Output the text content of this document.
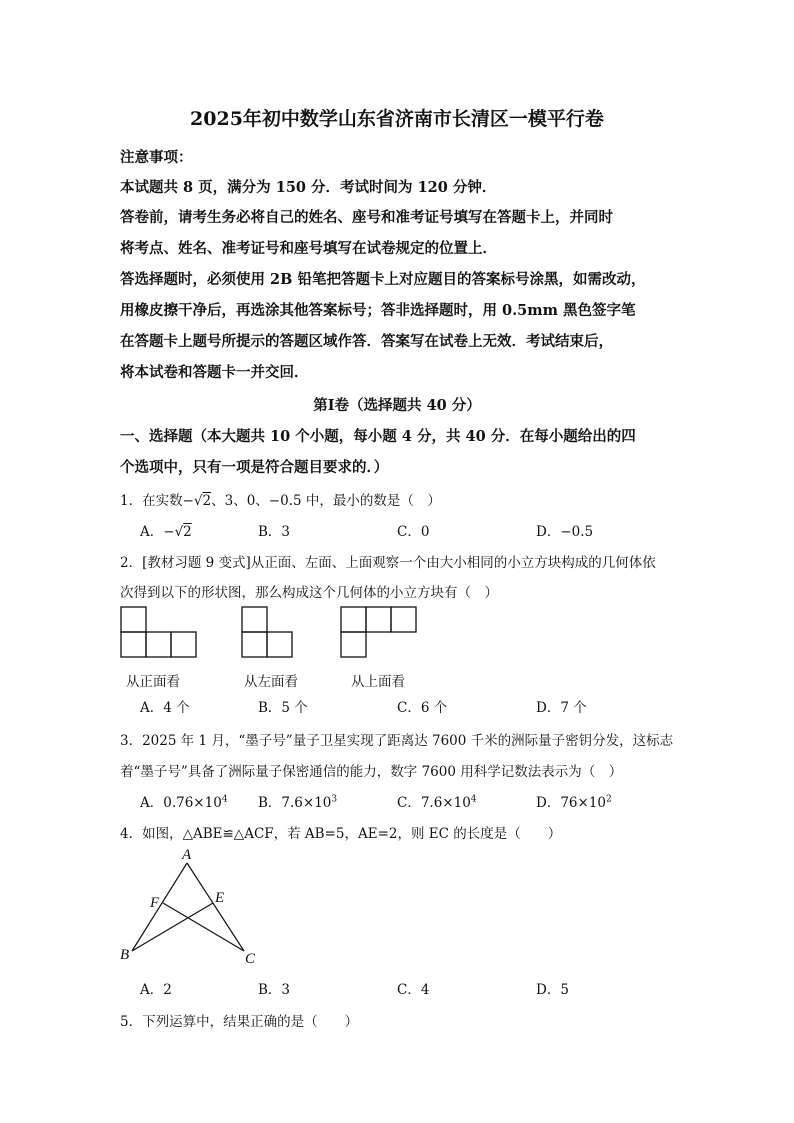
2025年初中数学山东省济南市长清区一模平行卷
注意事项：
本试题共 8 页，满分为 150 分．考试时间为 120 分钟．
答卷前，请考生务必将自己的姓名、座号和准考证号填写在答题卡上，并同时
将考点、姓名、准考证号和座号填写在试卷规定的位置上．
答选择题时，必须使用 2B 铅笔把答题卡上对应题目的答案标号涂黑，如需改动，
用橡皮擦干净后，再选涂其他答案标号；答非选择题时，用 0.5mm 黑色签字笔
在答题卡上题号所提示的答题区域作答．答案写在试卷上无效．考试结束后，
将本试卷和答题卡一并交回．
第Ⅰ卷（选择题共 40 分）
一、选择题（本大题共 10 个小题，每小题 4 分，共 40 分．在每小题给出的四
个选项中，只有一项是符合题目要求的．）
1．在实数−√2、3、0、−0.5 中，最小的数是（　）
A．−√2	B．3	C．0	D．−0.5
2．[教材习题 9 变式]从正面、左面、上面观察一个由大小相同的小立方块构成的几何体依
次得到以下的形状图，那么构成这个几何体的小立方块有（　）
从正面看	从左面看	从上面看
A．4 个	B．5 个	C．6 个	D．7 个
3．2025 年 1 月，“墨子号”量子卫星实现了距离达 7600 千米的洲际量子密钥分发，这标志
着“墨子号”具备了洲际量子保密通信的能力，数字 7600 用科学记数法表示为（　）
A．$0.76\times 10^4$ B．$7.6\times 10^3$	C．$7.6\times 10^4$	D．$76\times 10^2$
4．如图，△ABE≌△ACF，若 AB=5，AE=2，则 EC 的长度是（　　）
A
B	C
E
F
A．2	B．3	C．4	D．5
5．下列运算中，结果正确的是（　　）
